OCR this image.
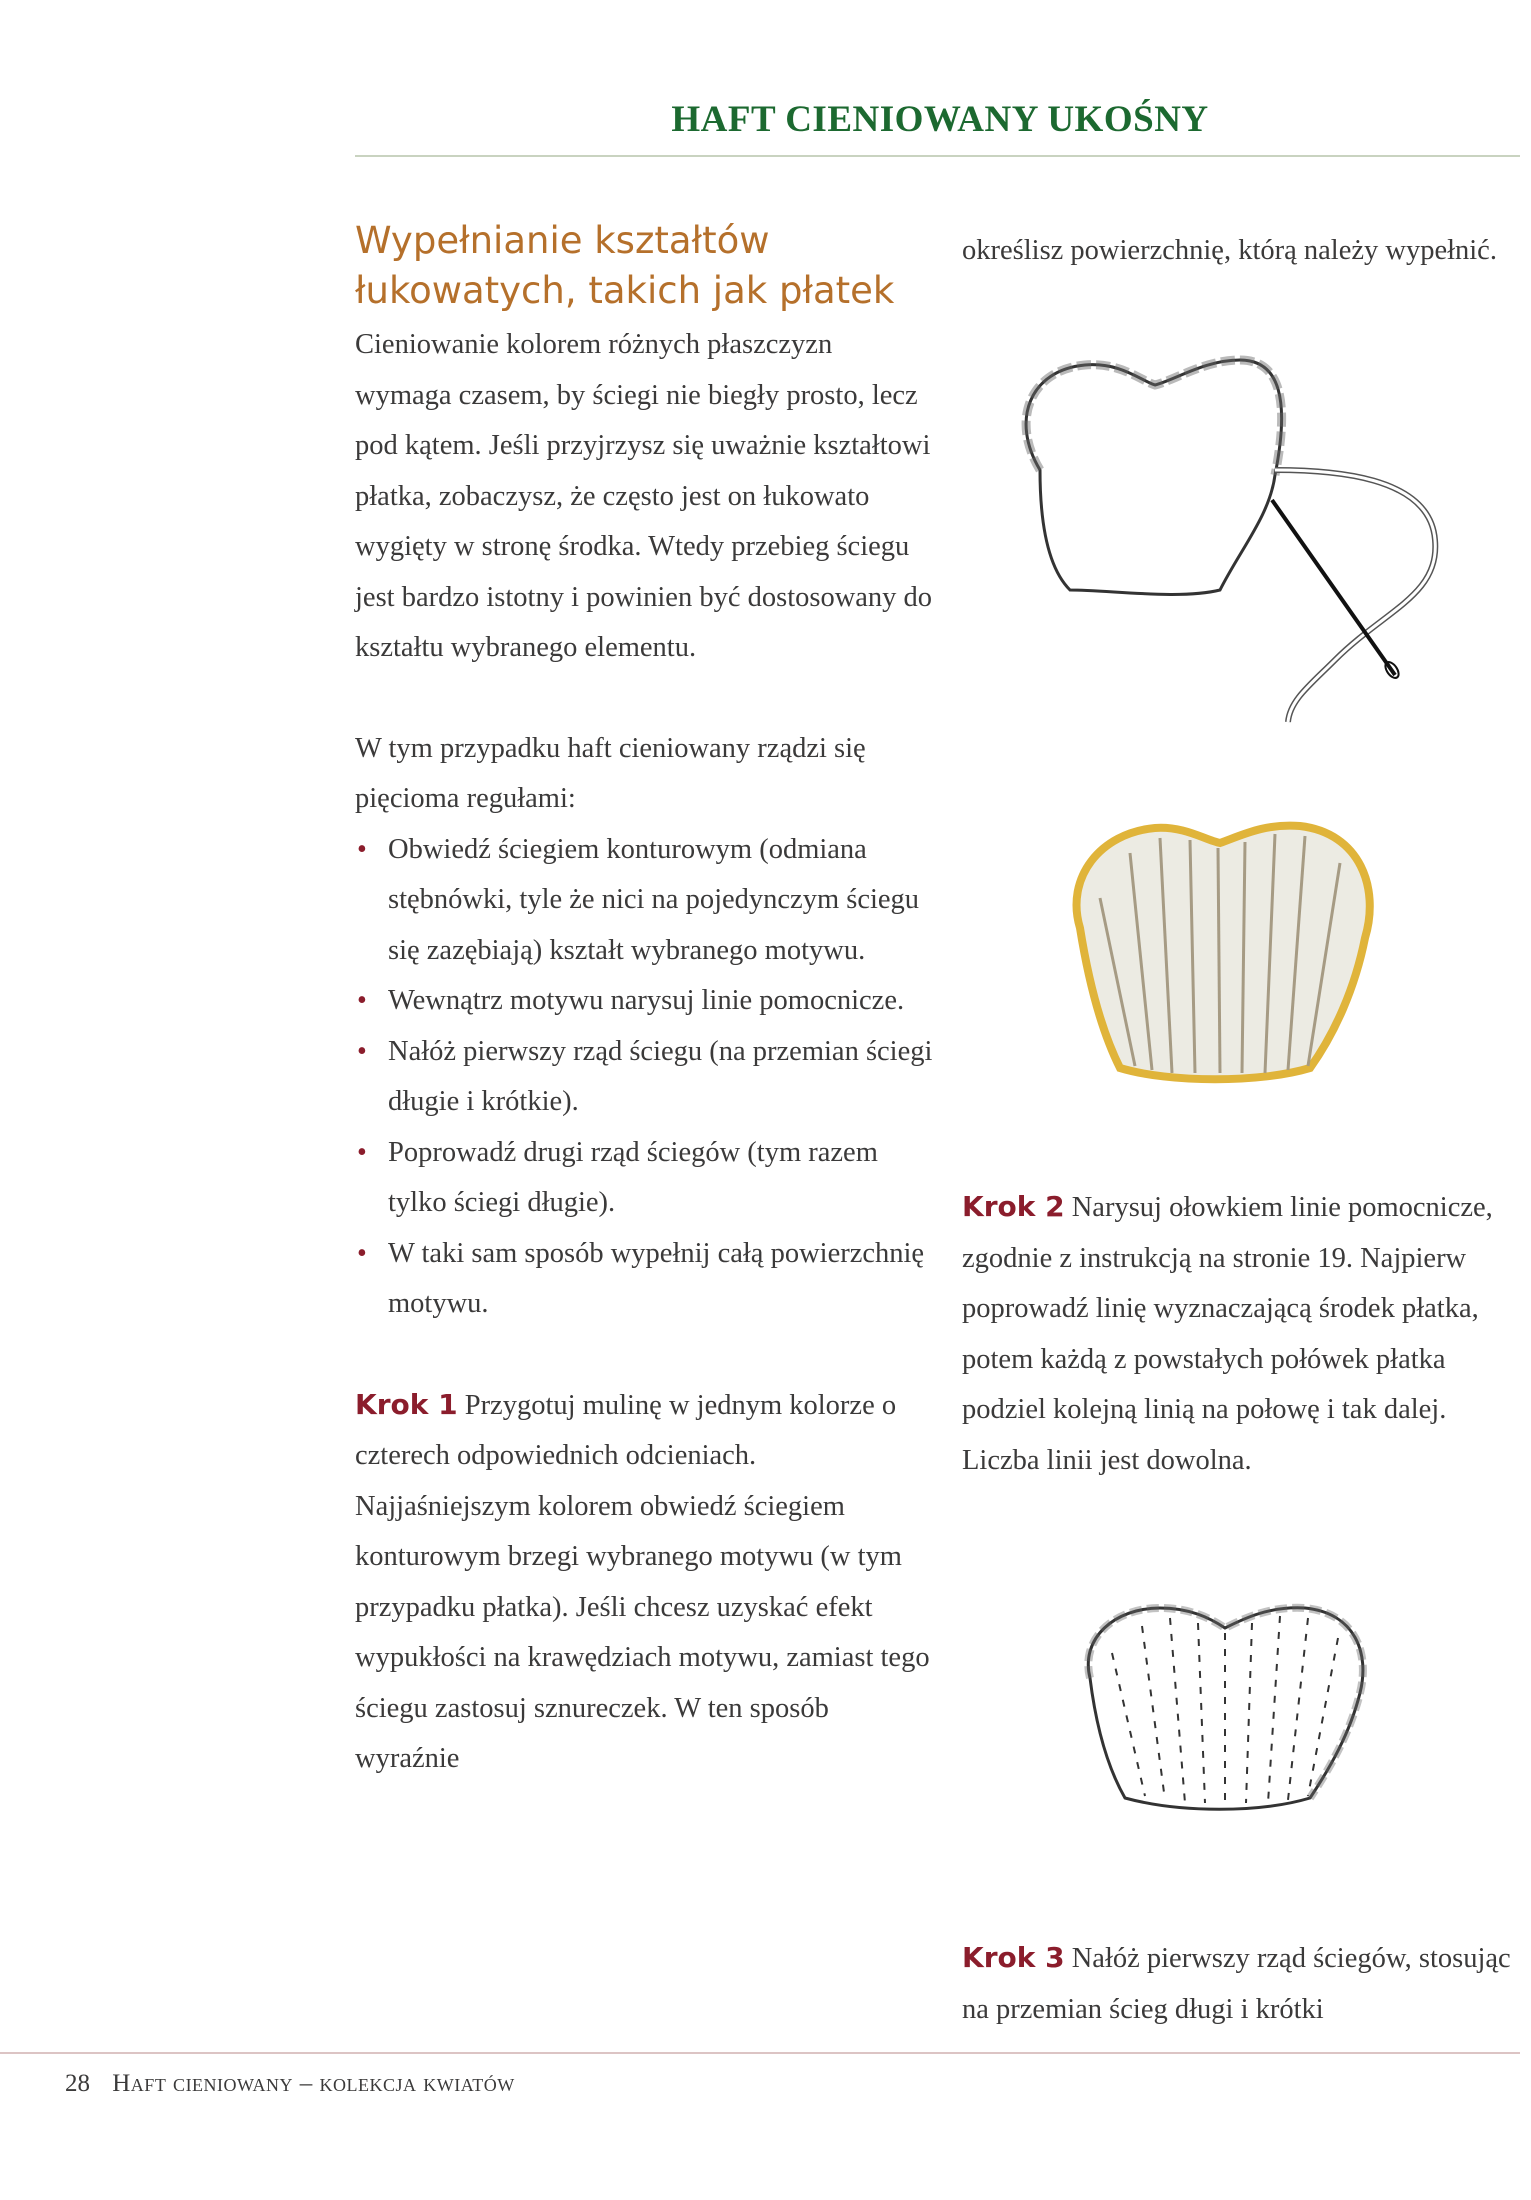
HAFT CIENIOWANY UKOŚNY
Wypełnianie kształtów łukowatych, takich jak płatek

Cieniowanie kolorem różnych płaszczyzn wymaga czasem, by ściegi nie biegły prosto, lecz pod kątem. Jeśli przyjrzysz się uważnie kształtowi płatka, zobaczysz, że często jest on łukowato wygięty w stronę środka. Wtedy przebieg ściegu jest bardzo istotny i powinien być dostosowany do kształtu wybranego elementu.

W tym przypadku haft cieniowany rządzi się pięcioma regułami:

• Obwiedź ściegiem konturowym (odmiana stębnówki, tyle że nici na pojedynczym ściegu się zazębiają) kształt wybranego motywu.
• Wewnątrz motywu narysuj linie pomocnicze.
• Nałóż pierwszy rząd ściegu (na przemian ściegi długie i krótkie).
• Poprowadź drugi rząd ściegów (tym razem tylko ściegi długie).
• W taki sam sposób wypełnij całą powierzchnię motywu.

Krok 1 Przygotuj mulinę w jednym kolorze o czterech odpowiednich odcieniach. Najjaśniejszym kolorem obwiedź ściegiem konturowym brzegi wybranego motywu (w tym przypadku płatka). Jeśli chcesz uzyskać efekt wypukłości na krawędziach motywu, zamiast tego ściegu zastosuj sznureczek. W ten sposób wyraźnie

określisz powierzchnię, którą należy wypełnić.

Krok 2 Narysuj ołowkiem linie pomocnicze, zgodnie z instrukcją na stronie 19. Najpierw poprowadź linię wyznaczającą środek płatka, potem każdą z powstałych połówek płatka podziel kolejną linią na połowę i tak dalej. Liczba linii jest dowolna.

Krok 3 Nałóż pierwszy rząd ściegów, stosując na przemian ścieg długi i krótki

28 Haft cieniowany – kolekcja kwiatów
